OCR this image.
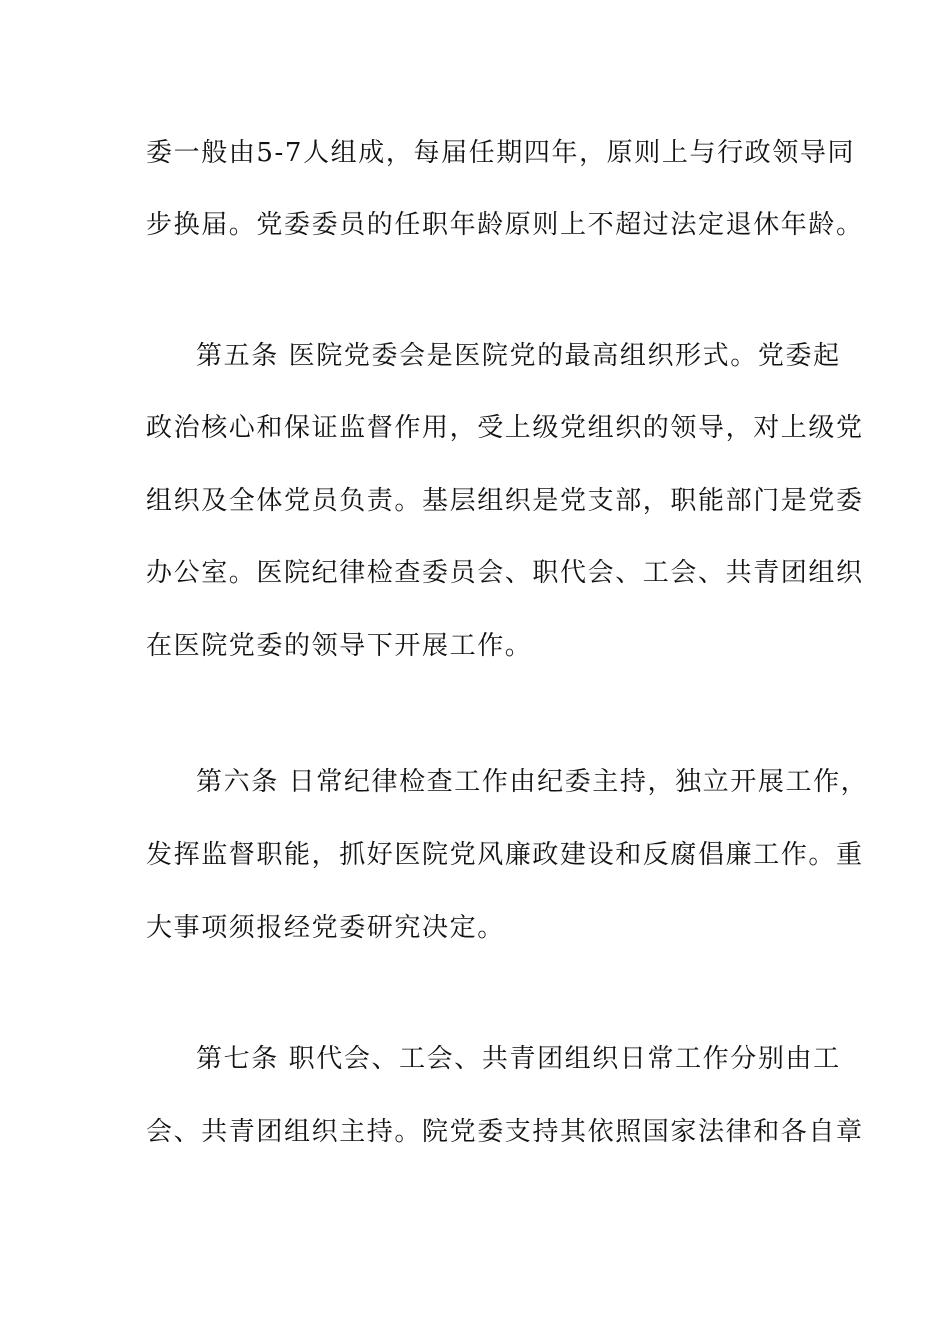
委一般由5-7人组成，每届任期四年，原则上与行政领导同
步换届。党委委员的任职年龄原则上不超过法定退休年龄。
第五条 医院党委会是医院党的最高组织形式。党委起
政治核心和保证监督作用，受上级党组织的领导，对上级党
组织及全体党员负责。基层组织是党支部，职能部门是党委
办公室。医院纪律检查委员会、职代会、工会、共青团组织
在医院党委的领导下开展工作。
第六条 日常纪律检查工作由纪委主持，独立开展工作，
发挥监督职能，抓好医院党风廉政建设和反腐倡廉工作。重
大事项须报经党委研究决定。
第七条 职代会、工会、共青团组织日常工作分别由工
会、共青团组织主持。院党委支持其依照国家法律和各自章
